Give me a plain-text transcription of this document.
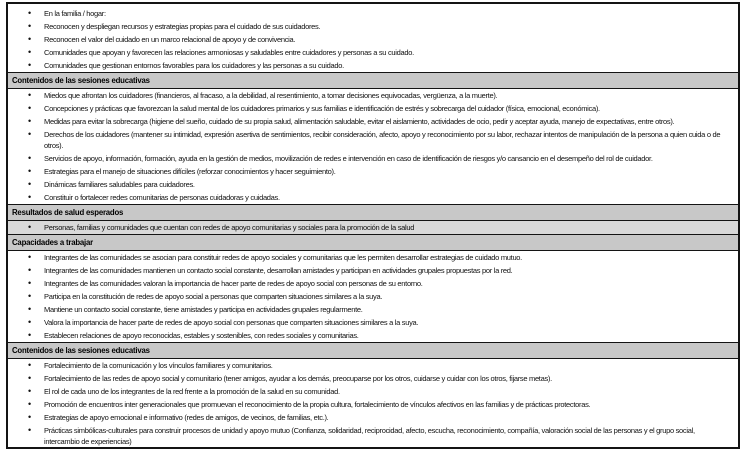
•
En la familia / hogar:
•
Reconocen y despliegan recursos y estrategias propias para el cuidado de sus cuidadores.
•
Reconocen el valor del cuidado en un marco relacional de apoyo y de convivencia.
•
Comunidades que apoyan y favorecen las relaciones armoniosas y saludables entre cuidadores y personas a su cuidado.
•
Comunidades que gestionan entornos favorables para los cuidadores y las personas a su cuidado.
Contenidos de las sesiones educativas
•
Miedos que afrontan los cuidadores (financieros, al fracaso, a la debilidad, al resentimiento, a tomar decisiones equivocadas, vergüenza, a la muerte).
•
Concepciones y prácticas que favorezcan la salud mental de los cuidadores primarios y sus familias e identificación de estrés y sobrecarga del cuidador (física, emocional, económica).
•
Medidas para evitar la sobrecarga (higiene del sueño, cuidado de su propia salud, alimentación saludable, evitar el aislamiento, actividades de ocio, pedir y aceptar ayuda, manejo de expectativas, entre otros).
•
Derechos de los cuidadores (mantener su intimidad, expresión asertiva de sentimientos, recibir consideración, afecto, apoyo y reconocimiento por su labor, rechazar intentos de manipulación de la persona a quien cuida o de otros).
•
Servicios de apoyo, información, formación, ayuda en la gestión de medios, movilización de redes e intervención en caso de identificación de riesgos y/o cansancio en el desempeño del rol de cuidador.
•
Estrategias para el manejo de situaciones difíciles (reforzar conocimientos y hacer seguimiento).
•
Dinámicas familiares saludables para cuidadores.
•
Constituir o fortalecer redes comunitarias de personas cuidadoras y cuidadas.
Resultados de salud esperados
•
Personas, familias y comunidades que cuentan con redes de apoyo comunitarias y sociales para la promoción de la salud
Capacidades a trabajar
•
Integrantes de las comunidades se asocian para constituir redes de apoyo sociales y comunitarias que les permiten desarrollar estrategias de cuidado mutuo.
•
Integrantes de las comunidades mantienen un contacto social constante, desarrollan amistades y participan en actividades grupales propuestas por la red.
•
Integrantes de las comunidades valoran la importancia de hacer parte de redes de apoyo social con personas de su entorno.
•
Participa en la constitución de redes de apoyo social a personas que comparten situaciones similares a la suya.
•
Mantiene un contacto social constante, tiene amistades y participa en actividades grupales regularmente.
•
Valora la importancia de hacer parte de redes de apoyo social con personas que comparten situaciones similares a la suya.
•
Establecen relaciones de apoyo reconocidas, estables y sostenibles, con redes sociales y comunitarias.
Contenidos de las sesiones educativas
•
Fortalecimiento de la comunicación y los vínculos familiares y comunitarios.
•
Fortalecimiento de las redes de apoyo social y comunitario (tener amigos, ayudar a los demás, preocuparse por los otros, cuidarse y cuidar con los otros, fijarse metas).
•
El rol de cada uno de los integrantes de la red frente a la promoción de la salud en su comunidad.
•
Promoción de encuentros inter generacionales que promuevan el reconocimiento de la propia cultura, fortalecimiento de vínculos afectivos en las familias y de prácticas protectoras.
•
Estrategias de apoyo emocional e informativo (redes de amigos, de vecinos, de familias, etc.).
•
Prácticas simbólicas-culturales para construir procesos de unidad y apoyo mutuo (Confianza, solidaridad, reciprocidad, afecto, escucha, reconocimiento, compañía, valoración social de las personas y el grupo social, intercambio de experiencias)
